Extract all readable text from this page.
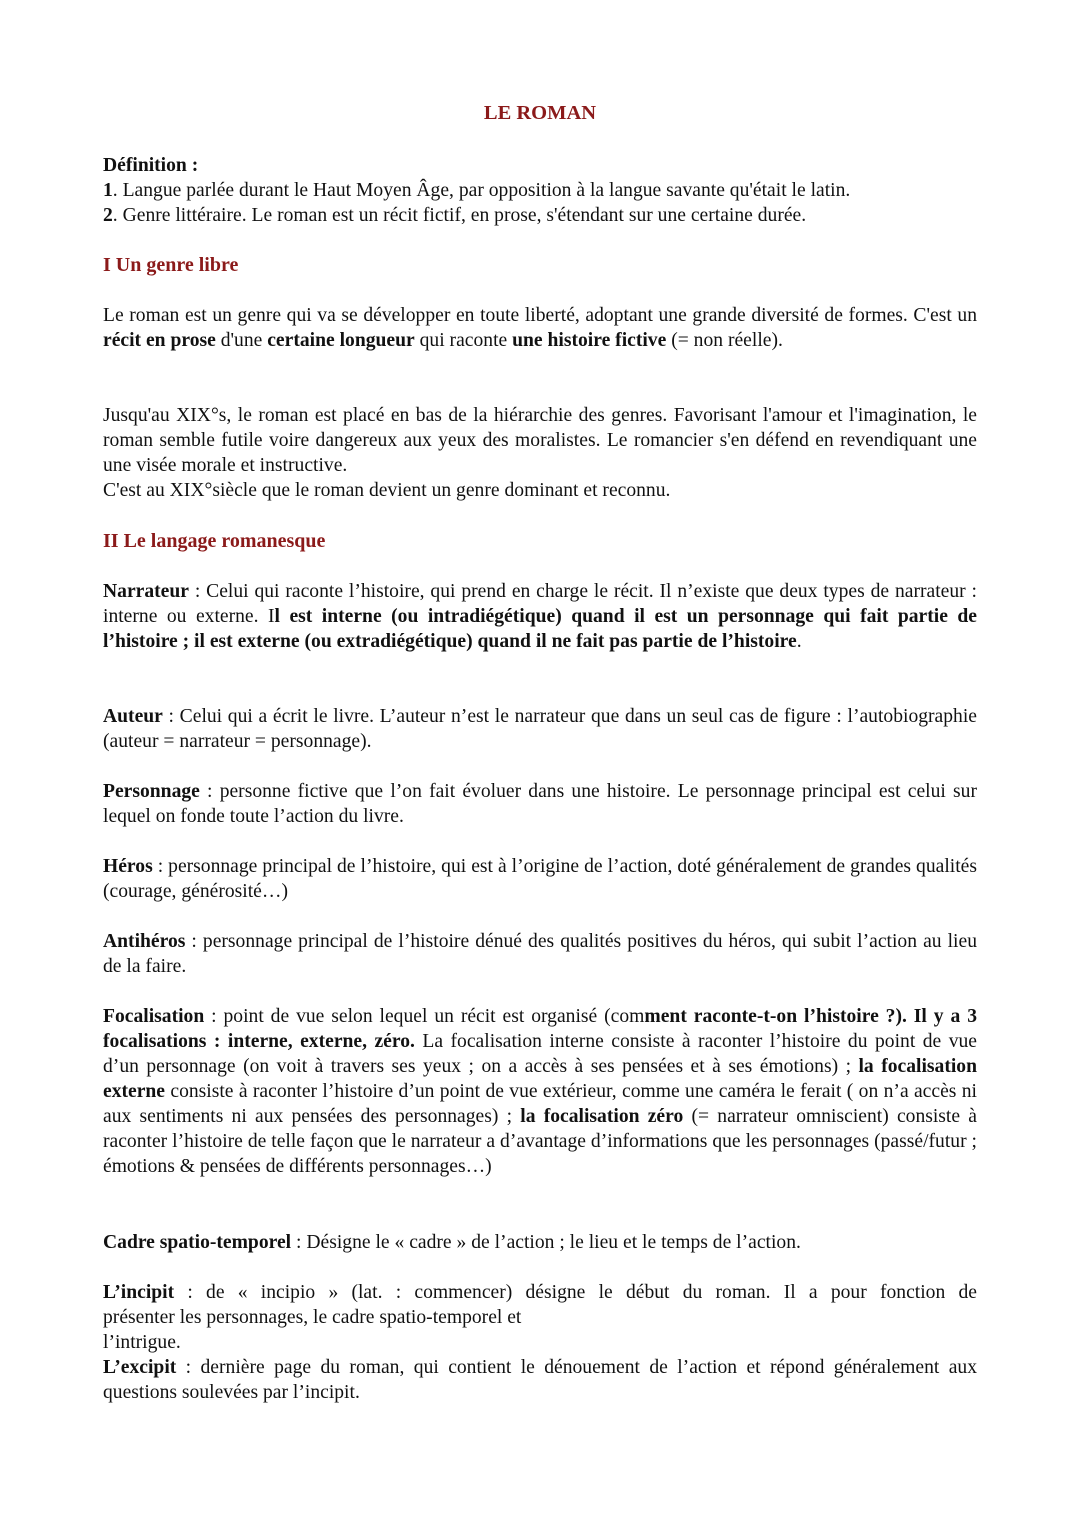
LE ROMAN
Définition :
1. Langue parlée durant le Haut Moyen Âge, par opposition à la langue savante qu'était le latin.
2. Genre littéraire. Le roman est un récit fictif, en prose, s'étendant sur une certaine durée.
I Un genre libre

Le roman est un genre qui va se développer en toute liberté, adoptant une grande diversité de formes. C'est un récit en prose d'une certaine longueur qui raconte une histoire fictive (= non réelle).

Jusqu'au XIX°s, le roman est placé en bas de la hiérarchie des genres. Favorisant l'amour et l'imagination, le roman semble futile voire dangereux aux yeux des moralistes. Le romancier s'en défend en revendiquant une une visée morale et instructive.
C'est au XIX°siècle que le roman devient un genre dominant et reconnu.
II Le langage romanesque

Narrateur : Celui qui raconte l’histoire, qui prend en charge le récit. Il n’existe que deux types de narrateur : interne ou externe. Il est interne (ou intradiégétique) quand il est un personnage qui fait partie de l’histoire ; il est externe (ou extradiégétique) quand il ne fait pas partie de l’histoire.

Auteur : Celui qui a écrit le livre. L’auteur n’est le narrateur que dans un seul cas de figure : l’autobiographie (auteur = narrateur = personnage).

Personnage : personne fictive que l’on fait évoluer dans une histoire. Le personnage principal est celui sur lequel on fonde toute l’action du livre.

Héros : personnage principal de l’histoire, qui est à l’origine de l’action, doté généralement de grandes qualités (courage, générosité…)

Antihéros : personnage principal de l’histoire dénué des qualités positives du héros, qui subit l’action au lieu de la faire.

Focalisation : point de vue selon lequel un récit est organisé (comment raconte-t-on l’histoire ?). Il y a 3 focalisations : interne, externe, zéro. La focalisation interne consiste à raconter l’histoire du point de vue d’un personnage (on voit à travers ses yeux ; on a accès à ses pensées et à ses émotions) ; la focalisation externe consiste à raconter l’histoire d’un point de vue extérieur, comme une caméra le ferait ( on n’a accès ni aux sentiments ni aux pensées des personnages) ; la focalisation zéro (= narrateur omniscient) consiste à raconter l’histoire de telle façon que le narrateur a d’avantage d’informations que les personnages (passé/futur ; émotions & pensées de différents personnages…)

Cadre spatio-temporel : Désigne le « cadre » de l’action ; le lieu et le temps de l’action.

L’incipit : de « incipio » (lat. : commencer) désigne le début du roman. Il a pour fonction de
présenter les personnages, le cadre spatio-temporel et
l’intrigue.

L’excipit : dernière page du roman, qui contient le dénouement de l’action et répond généralement aux questions soulevées par l’incipit.
